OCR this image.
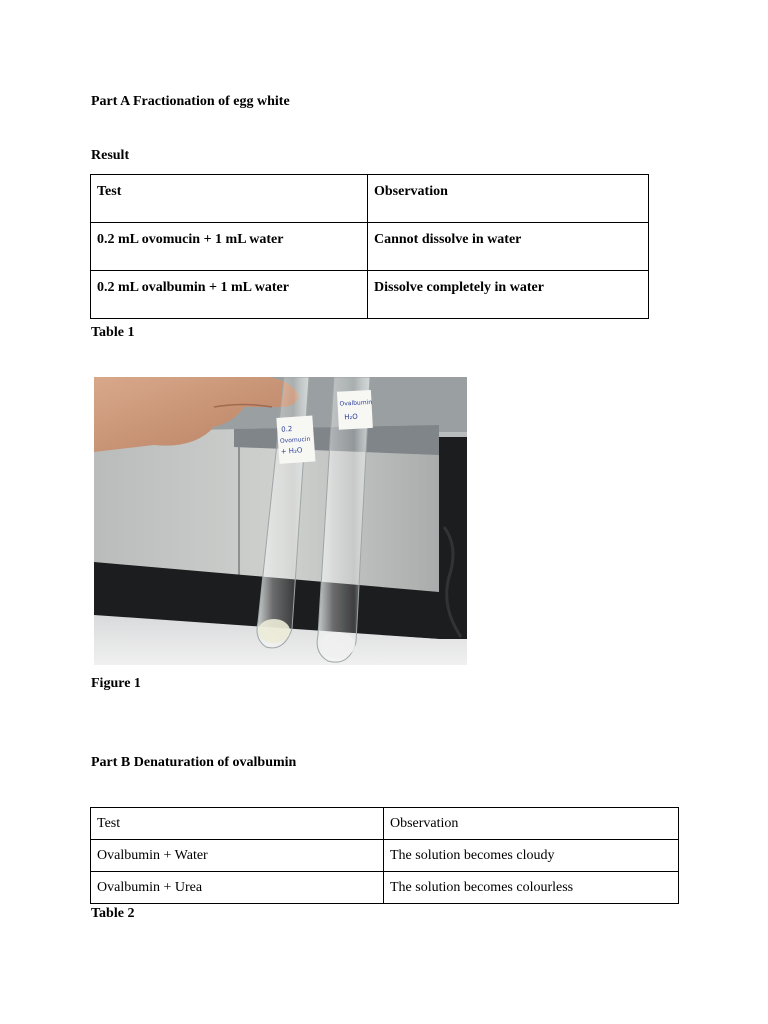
Part A Fractionation of egg white
Result
Test	Observation
0.2 mL ovomucin + 1 mL water	Cannot dissolve in water
0.2 mL ovalbumin + 1 mL water	Dissolve completely in water
Table 1
0.2
Ovomucin
+ H₂O
Ovalbumin
H₂O
Figure 1
Part B Denaturation of ovalbumin
Test	Observation
Ovalbumin + Water	The solution becomes cloudy
Ovalbumin + Urea	The solution becomes colourless
Table 2
